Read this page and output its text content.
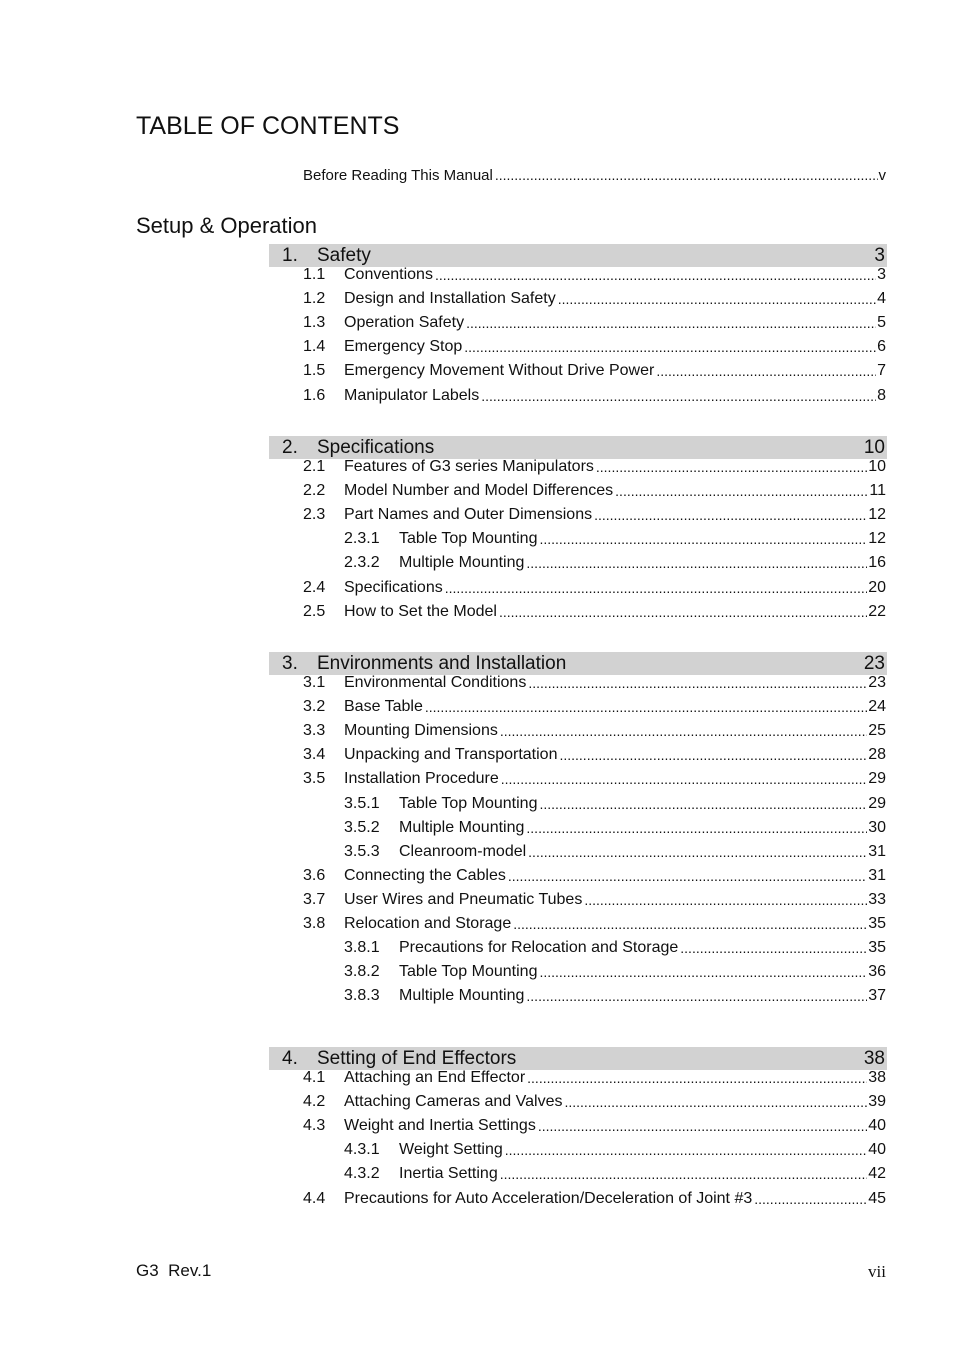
TABLE OF CONTENTS
Before Reading This Manual .....	v
Setup & Operation
1.	Safety	3
1.1	Conventions .....	3
1.2	Design and Installation Safety .....	4
1.3	Operation Safety .....	5
1.4	Emergency Stop .....	6
1.5	Emergency Movement Without Drive Power .....	7
1.6	Manipulator Labels .....	8
2.	Specifications	10
2.1	Features of G3 series Manipulators .....	10
2.2	Model Number and Model Differences .....	11
2.3	Part Names and Outer Dimensions .....	12
2.3.1	Table Top Mounting .....	12
2.3.2	Multiple Mounting .....	16
2.4	Specifications .....	20
2.5	How to Set the Model .....	22
3.	Environments and Installation	23
3.1	Environmental Conditions .....	23
3.2	Base Table .....	24
3.3	Mounting Dimensions .....	25
3.4	Unpacking and Transportation .....	28
3.5	Installation Procedure .....	29
3.5.1	Table Top Mounting .....	29
3.5.2	Multiple Mounting .....	30
3.5.3	Cleanroom-model .....	31
3.6	Connecting the Cables .....	31
3.7	User Wires and Pneumatic Tubes .....	33
3.8	Relocation and Storage .....	35
3.8.1	Precautions for Relocation and Storage .....	35
3.8.2	Table Top Mounting .....	36
3.8.3	Multiple Mounting .....	37
4.	Setting of End Effectors	38
4.1	Attaching an End Effector .....	38
4.2	Attaching Cameras and Valves .....	39
4.3	Weight and Inertia Settings .....	40
4.3.1	Weight Setting .....	40
4.3.2	Inertia Setting .....	42
4.4	Precautions for Auto Acceleration/Deceleration of Joint #3 .....	45
G3  Rev.1	vii
